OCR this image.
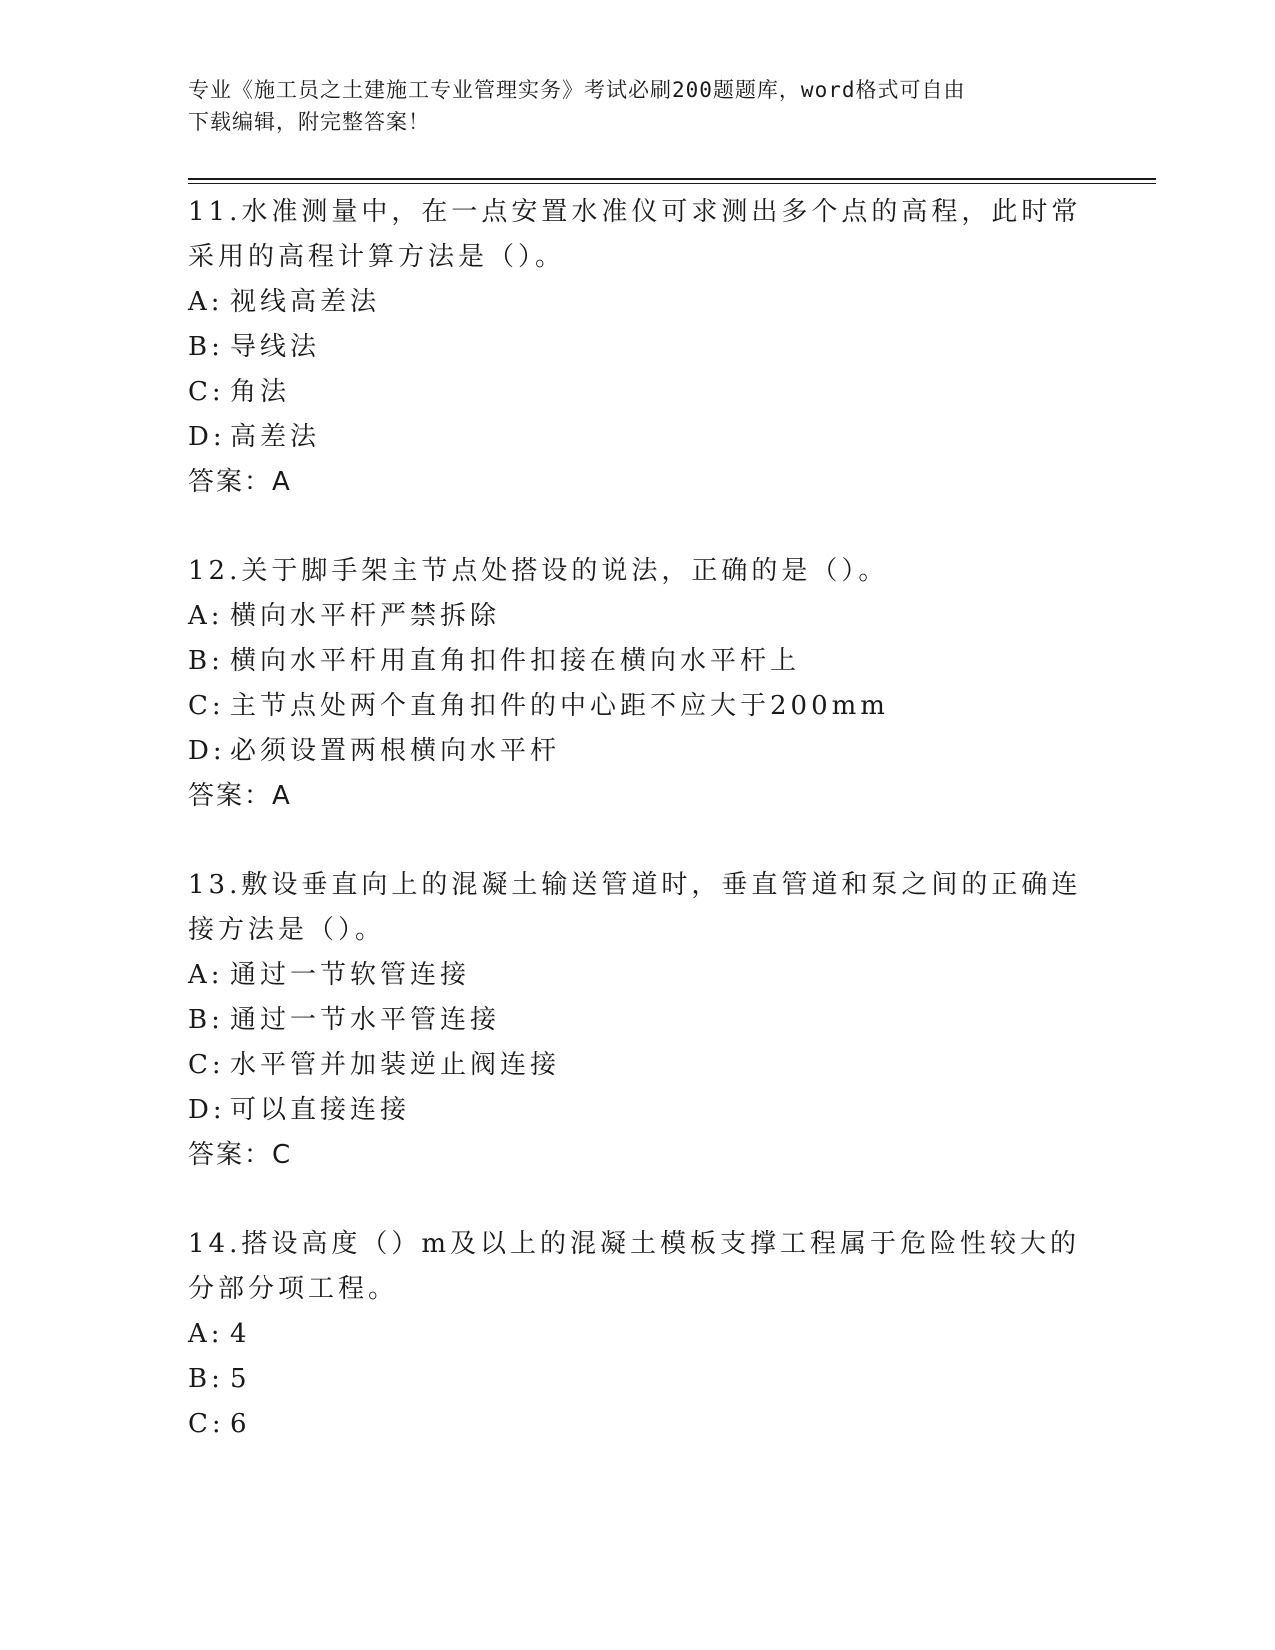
专业《施工员之土建施工专业管理实务》考试必刷200题题库，word格式可自由
下载编辑，附完整答案！

11.水准测量中，在一点安置水准仪可求测出多个点的高程，此时常采用的高程计算方法是（）。

A: 视线高差法

B: 导线法

C: 角法

D: 高差法

答案：A

12.关于脚手架主节点处搭设的说法，正确的是（）。

A: 横向水平杆严禁拆除

B: 横向水平杆用直角扣件扣接在横向水平杆上

C: 主节点处两个直角扣件的中心距不应大于200mm

D: 必须设置两根横向水平杆

答案：A

13.敷设垂直向上的混凝土输送管道时，垂直管道和泵之间的正确连接方法是（）。

A: 通过一节软管连接

B: 通过一节水平管连接

C: 水平管并加装逆止阀连接

D: 可以直接连接

答案：C

14.搭设高度（）m及以上的混凝土模板支撑工程属于危险性较大的分部分项工程。

A: 4

B: 5

C: 6
